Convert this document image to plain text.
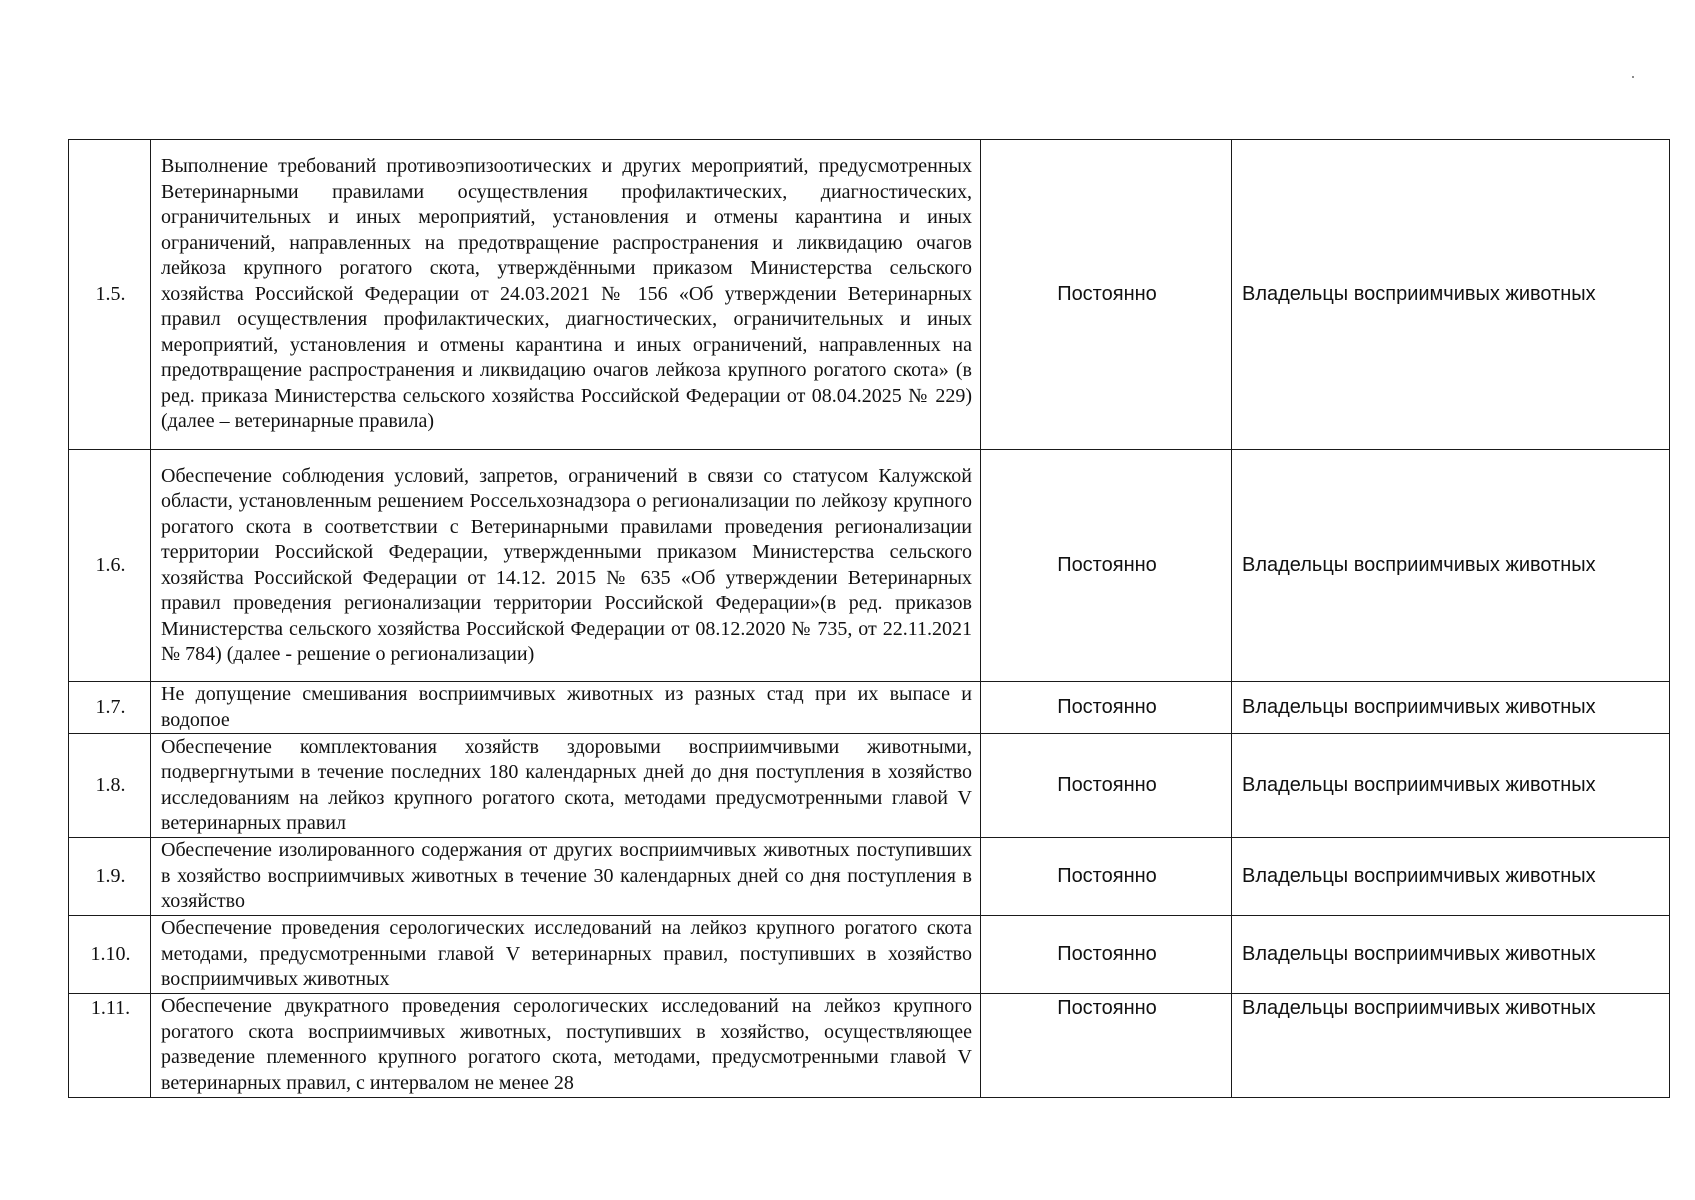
1.5.	Выполнение требований противоэпизоотических и других мероприятий, предусмотренных Ветеринарными правилами осуществления профилактических, диагностических, ограничительных и иных мероприятий, установления и отмены карантина и иных ограничений, направленных на предотвращение распространения и ликвидацию очагов лейкоза крупного рогатого скота, утверждёнными приказом Министерства сельского хозяйства Российской Федерации от 24.03.2021 № 156 «Об утверждении Ветеринарных правил осуществления профилактических, диагностических, ограничительных и иных мероприятий, установления и отмены карантина и иных ограничений, направленных на предотвращение распространения и ликвидацию очагов лейкоза крупного рогатого скота» (в ред. приказа Министерства сельского хозяйства Российской Федерации от 08.04.2025 № 229) (далее – ветеринарные правила)	Постоянно	Владельцы восприимчивых животных
1.6.	Обеспечение соблюдения условий, запретов, ограничений в связи со статусом Калужской области, установленным решением Россельхознадзора о регионализации по лейкозу крупного рогатого скота в соответствии с Ветеринарными правилами проведения регионализации территории Российской Федерации, утвержденными приказом Министерства сельского хозяйства Российской Федерации от 14.12. 2015 № 635 «Об утверждении Ветеринарных правил проведения регионализации территории Российской Федерации»(в ред. приказов Министерства сельского хозяйства Российской Федерации от 08.12.2020 № 735, от 22.11.2021 № 784) (далее - решение о регионализации)	Постоянно	Владельцы восприимчивых животных
1.7.	Не допущение смешивания восприимчивых животных из разных стад при их выпасе и водопое	Постоянно	Владельцы восприимчивых животных
1.8.	Обеспечение комплектования хозяйств здоровыми восприимчивыми животными, подвергнутыми в течение последних 180 календарных дней до дня поступления в хозяйство исследованиям на лейкоз крупного рогатого скота, методами предусмотренными главой V ветеринарных правил	Постоянно	Владельцы восприимчивых животных
1.9.	Обеспечение изолированного содержания от других восприимчивых животных поступивших в хозяйство восприимчивых животных в течение 30 календарных дней со дня поступления в хозяйство	Постоянно	Владельцы восприимчивых животных
1.10.	Обеспечение проведения серологических исследований на лейкоз крупного рогатого скота методами, предусмотренными главой V ветеринарных правил, поступивших в хозяйство восприимчивых животных	Постоянно	Владельцы восприимчивых животных
1.11.	Обеспечение двукратного проведения серологических исследований на лейкоз крупного рогатого скота восприимчивых животных, поступивших в хозяйство, осуществляющее разведение племенного крупного рогатого скота, методами, предусмотренными главой V ветеринарных правил, с интервалом не менее 28	Постоянно	Владельцы восприимчивых животных
